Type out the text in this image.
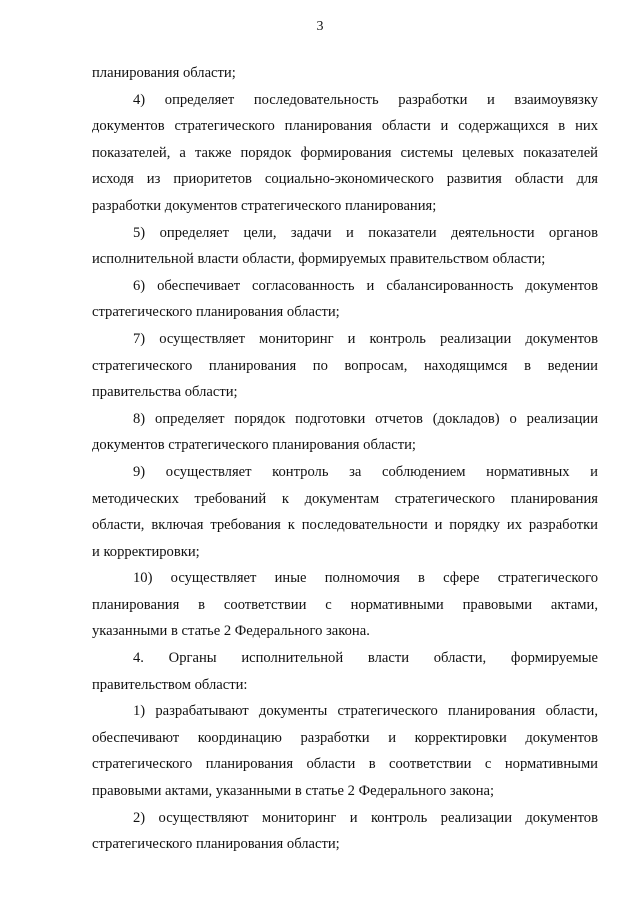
3

планирования области;

4) определяет последовательность разработки и взаимоувязку
документов стратегического планирования области и содержащихся в них
показателей, а также порядок формирования системы целевых показателей
исходя из приоритетов социально-экономического развития области для
разработки документов стратегического планирования;

5) определяет цели, задачи и показатели деятельности органов
исполнительной власти области, формируемых правительством области;

6) обеспечивает согласованность и сбалансированность документов
стратегического планирования области;

7) осуществляет мониторинг и контроль реализации документов
стратегического планирования по вопросам, находящимся в ведении
правительства области;

8) определяет порядок подготовки отчетов (докладов) о реализации
документов стратегического планирования области;

9) осуществляет контроль за соблюдением нормативных и
методических требований к документам стратегического планирования
области, включая требования к последовательности и порядку их разработки
и корректировки;

10) осуществляет иные полномочия в сфере стратегического
планирования в соответствии с нормативными правовыми актами,
указанными в статье 2 Федерального закона.

4. Органы исполнительной власти области, формируемые
правительством области:

1) разрабатывают документы стратегического планирования области,
обеспечивают координацию разработки и корректировки документов
стратегического планирования области в соответствии с нормативными
правовыми актами, указанными в статье 2 Федерального закона;

2) осуществляют мониторинг и контроль реализации документов
стратегического планирования области;
